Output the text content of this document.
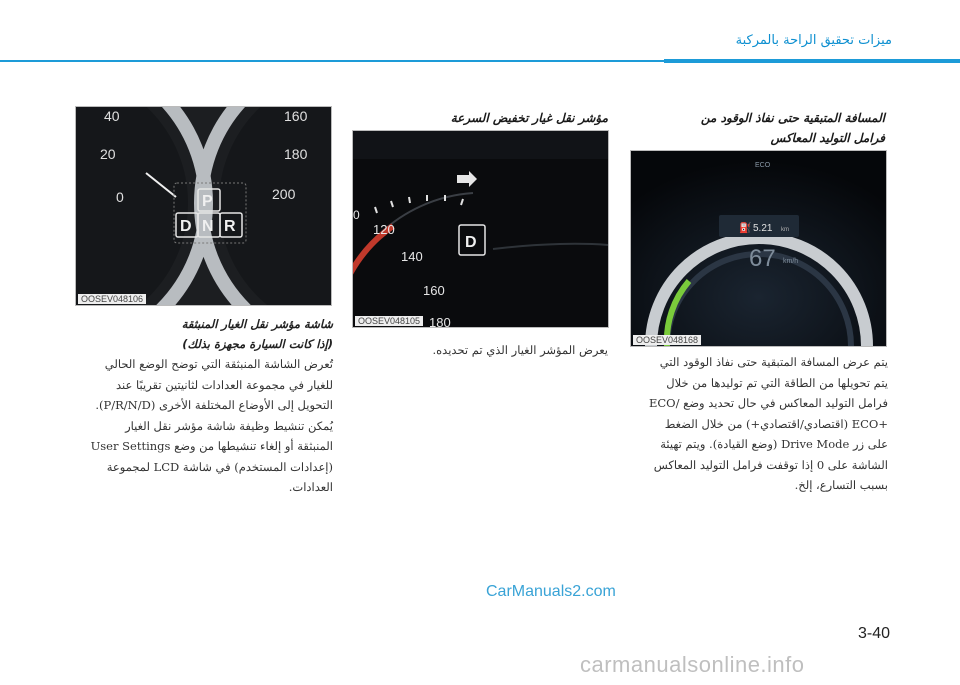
ميزات تحقيق الراحة بالمركبة
المسافة المتبقية حتى نفاذ الوقود من
فرامل التوليد المعاكس
⛽ 5.21 km
67 km/h
ECO
OOSEV048168
يتم عرض المسافة المتبقية حتى نفاذ الوقود التي
يتم تحويلها من الطاقة التي تم توليدها من خلال
فرامل التوليد المعاكس في حال تحديد وضع /ECO
+ECO (اقتصادي/اقتصادي+) من خلال الضغط
على زر Drive Mode (وضع القيادة). ويتم تهيئة
الشاشة على 0 إذا توقفت فرامل التوليد المعاكس
بسبب التسارع، إلخ.
مؤشر نقل غيار تخفيض السرعة
0
120
140
160
180
D
OOSEV048105
يعرض المؤشر الغيار الذي تم تحديده.
40
20
0
160
180
200
P
D N R
OOSEV048106
شاشة مؤشر نقل الغيار المنبثقة
(إذا كانت السيارة مجهزة بذلك)
تُعرض الشاشة المنبثقة التي توضح الوضع الحالي
للغيار في مجموعة العدادات لثانيتين تقريبًا عند
التحويل إلى الأوضاع المختلفة الأخرى (P/R/N/D).
يُمكن تنشيط وظيفة شاشة مؤشر نقل الغيار
المنبثقة أو إلغاء تنشيطها من وضع User Settings
(إعدادات المستخدم) في شاشة LCD لمجموعة
العدادات.
CarManuals2.com
3-40
carmanualsonline.info
